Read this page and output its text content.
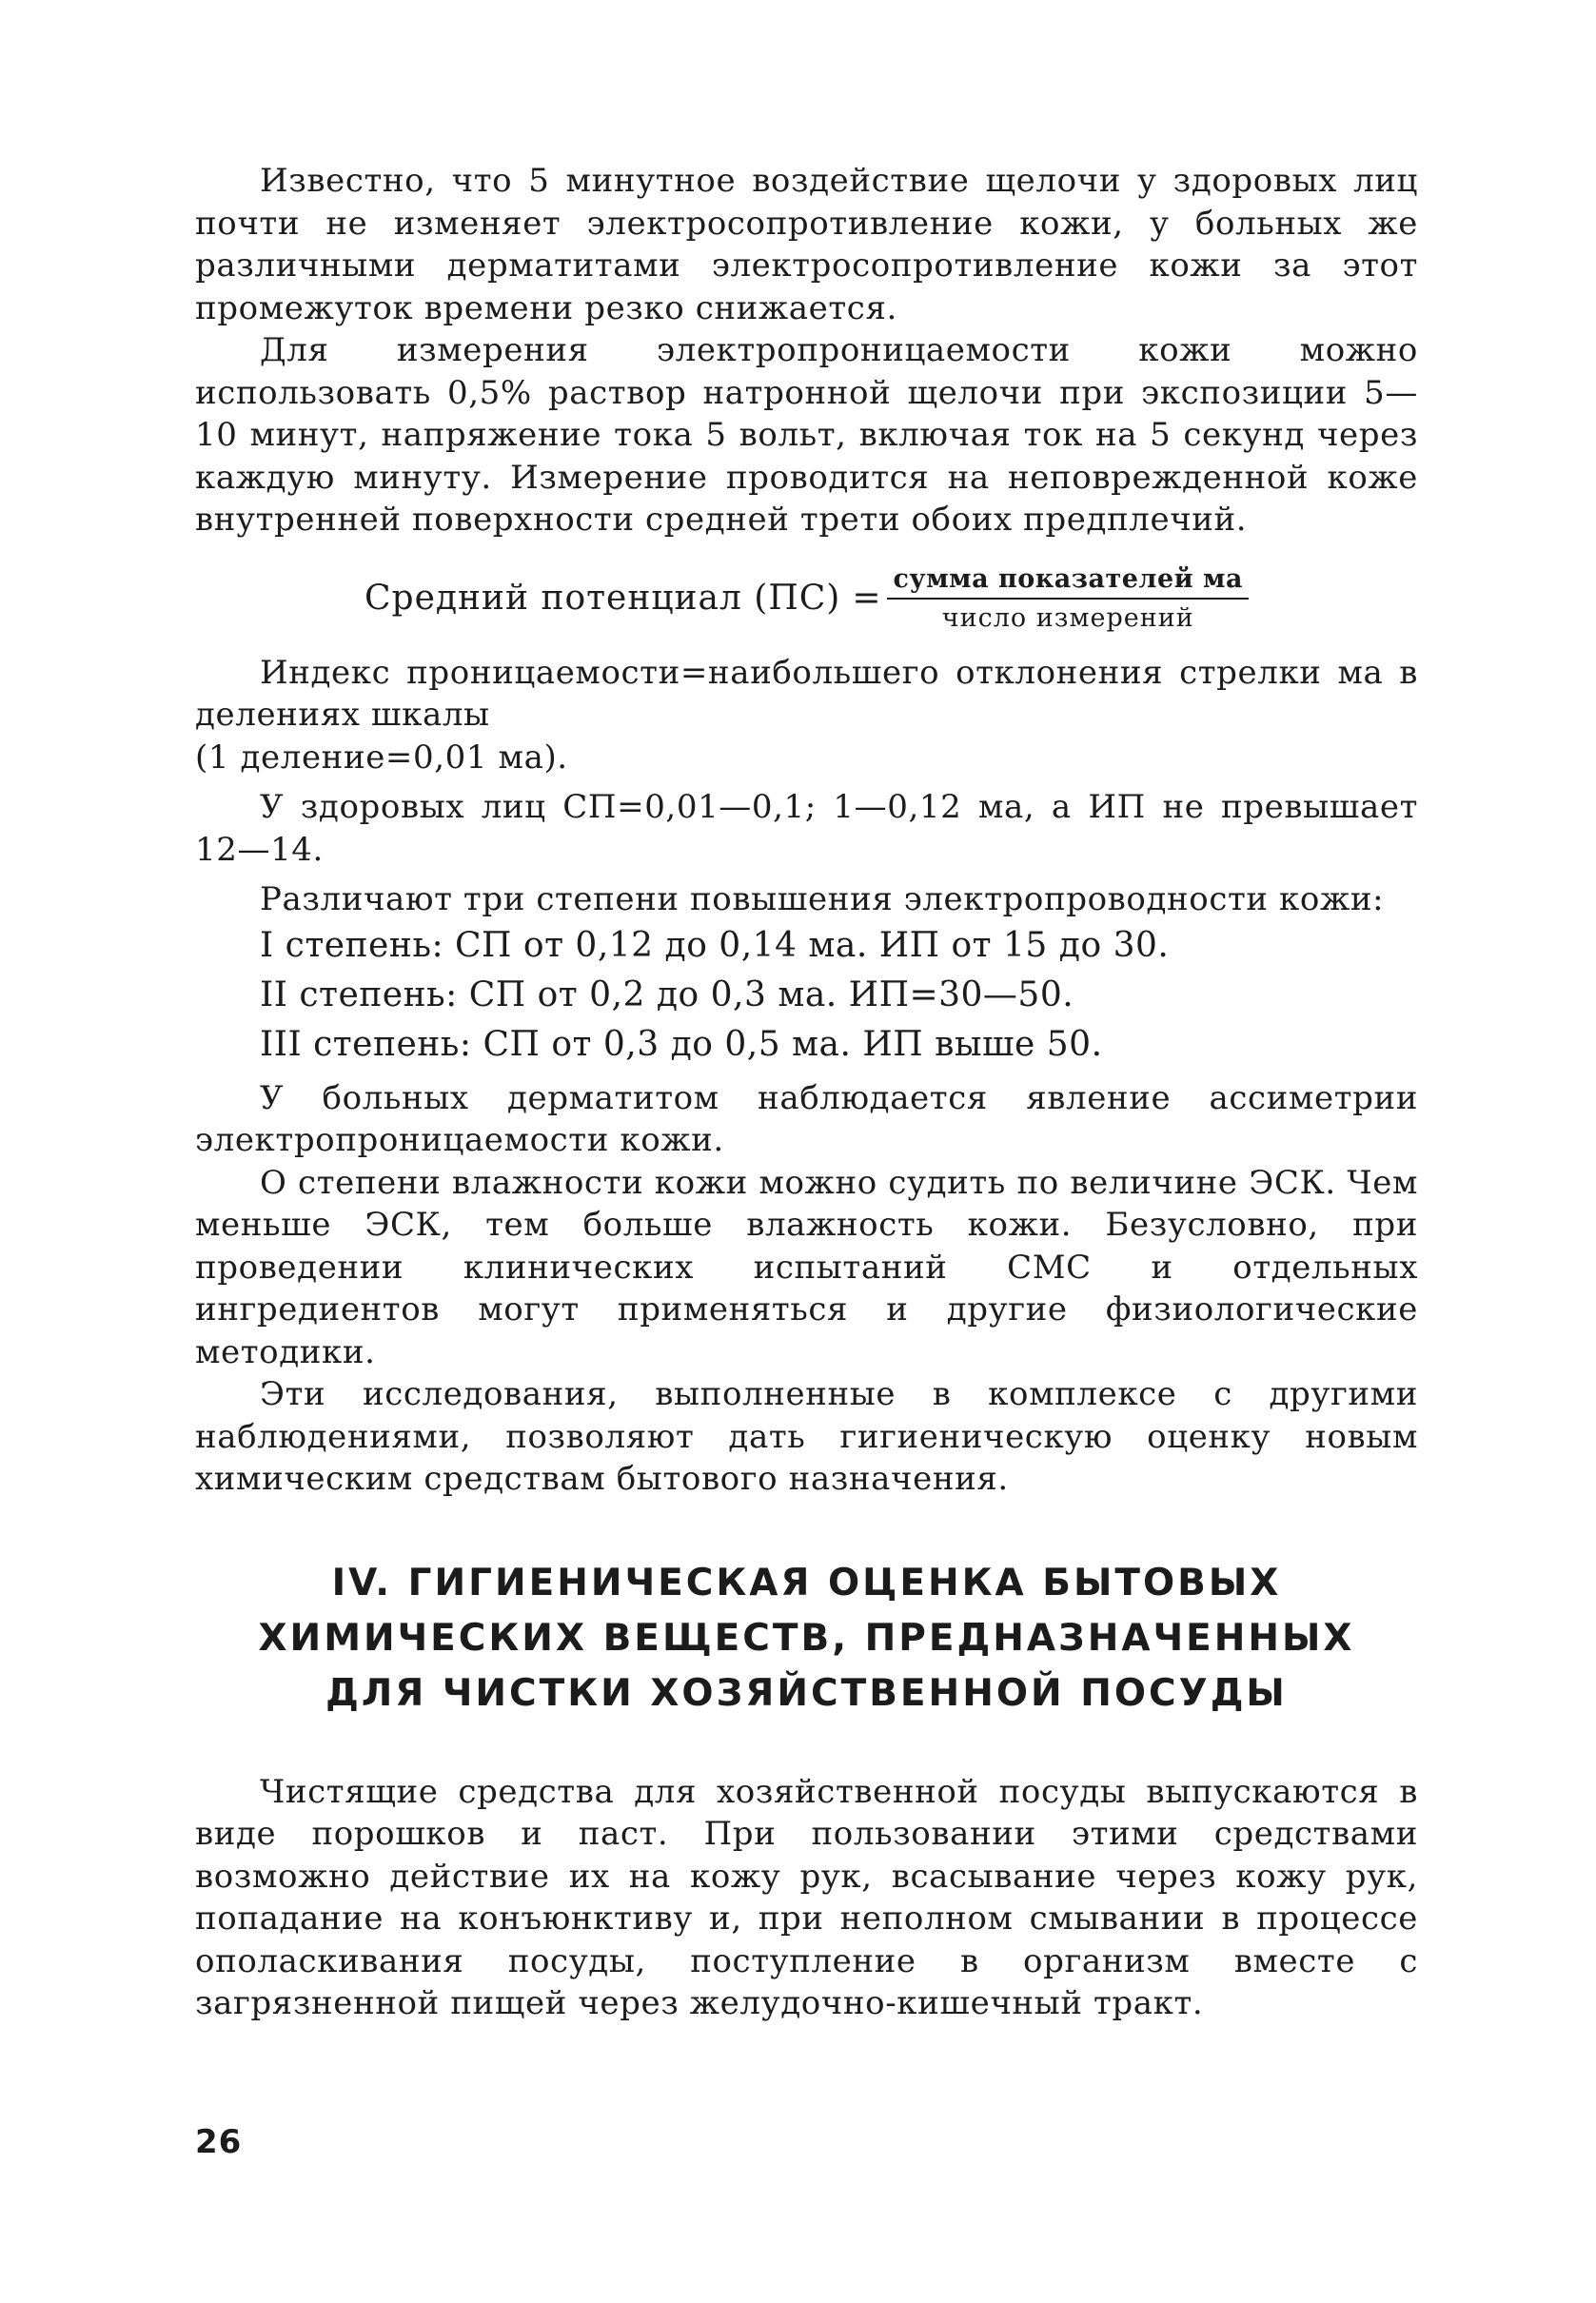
Известно, что 5 минутное воздействие щелочи у здоровых лиц почти не изменяет электросопротивление кожи, у больных же различными дерматитами электросопротивление кожи за этот промежуток времени резко снижается.

Для измерения электропроницаемости кожи можно использовать 0,5% раствор натронной щелочи при экспозиции 5—10 минут, напряжение тока 5 вольт, включая ток на 5 секунд через каждую минуту. Измерение проводится на неповрежденной коже внутренней поверхности средней трети обоих предплечий.

Средний потенциал $(ПС) = \frac{\text{сумма показателей ма}}{\text{число измерений}}$

Индекс проницаемости=наибольшего отклонения стрелки ма в делениях шкалы

(1 деление=0,01 ма).

У здоровых лиц СП=0,01—0,1; 1—0,12 ма, а ИП не превышает 12—14.

Различают три степени повышения электропроводности кожи:

I степень: СП от 0,12 до 0,14 ма. ИП от 15 до 30.

II степень: СП от 0,2 до 0,3 ма. ИП=30—50.

III степень: СП от 0,3 до 0,5 ма. ИП выше 50.

У больных дерматитом наблюдается явление ассиметрии электропроницаемости кожи.

О степени влажности кожи можно судить по величине ЭСК. Чем меньше ЭСК, тем больше влажность кожи. Безусловно, при проведении клинических испытаний СМС и отдельных ингредиентов могут применяться и другие физиологические методики.

Эти исследования, выполненные в комплексе с другими наблюдениями, позволяют дать гигиеническую оценку новым химическим средствам бытового назначения.

IV. ГИГИЕНИЧЕСКАЯ ОЦЕНКА БЫТОВЫХ
ХИМИЧЕСКИХ ВЕЩЕСТВ, ПРЕДНАЗНАЧЕННЫХ
ДЛЯ ЧИСТКИ ХОЗЯЙСТВЕННОЙ ПОСУДЫ

Чистящие средства для хозяйственной посуды выпускаются в виде порошков и паст. При пользовании этими средствами возможно действие их на кожу рук, всасывание через кожу рук, попадание на конъюнктиву и, при неполном смывании в процессе ополаскивания посуды, поступление в организм вместе с загрязненной пищей через желудочно-кишечный тракт.

26
